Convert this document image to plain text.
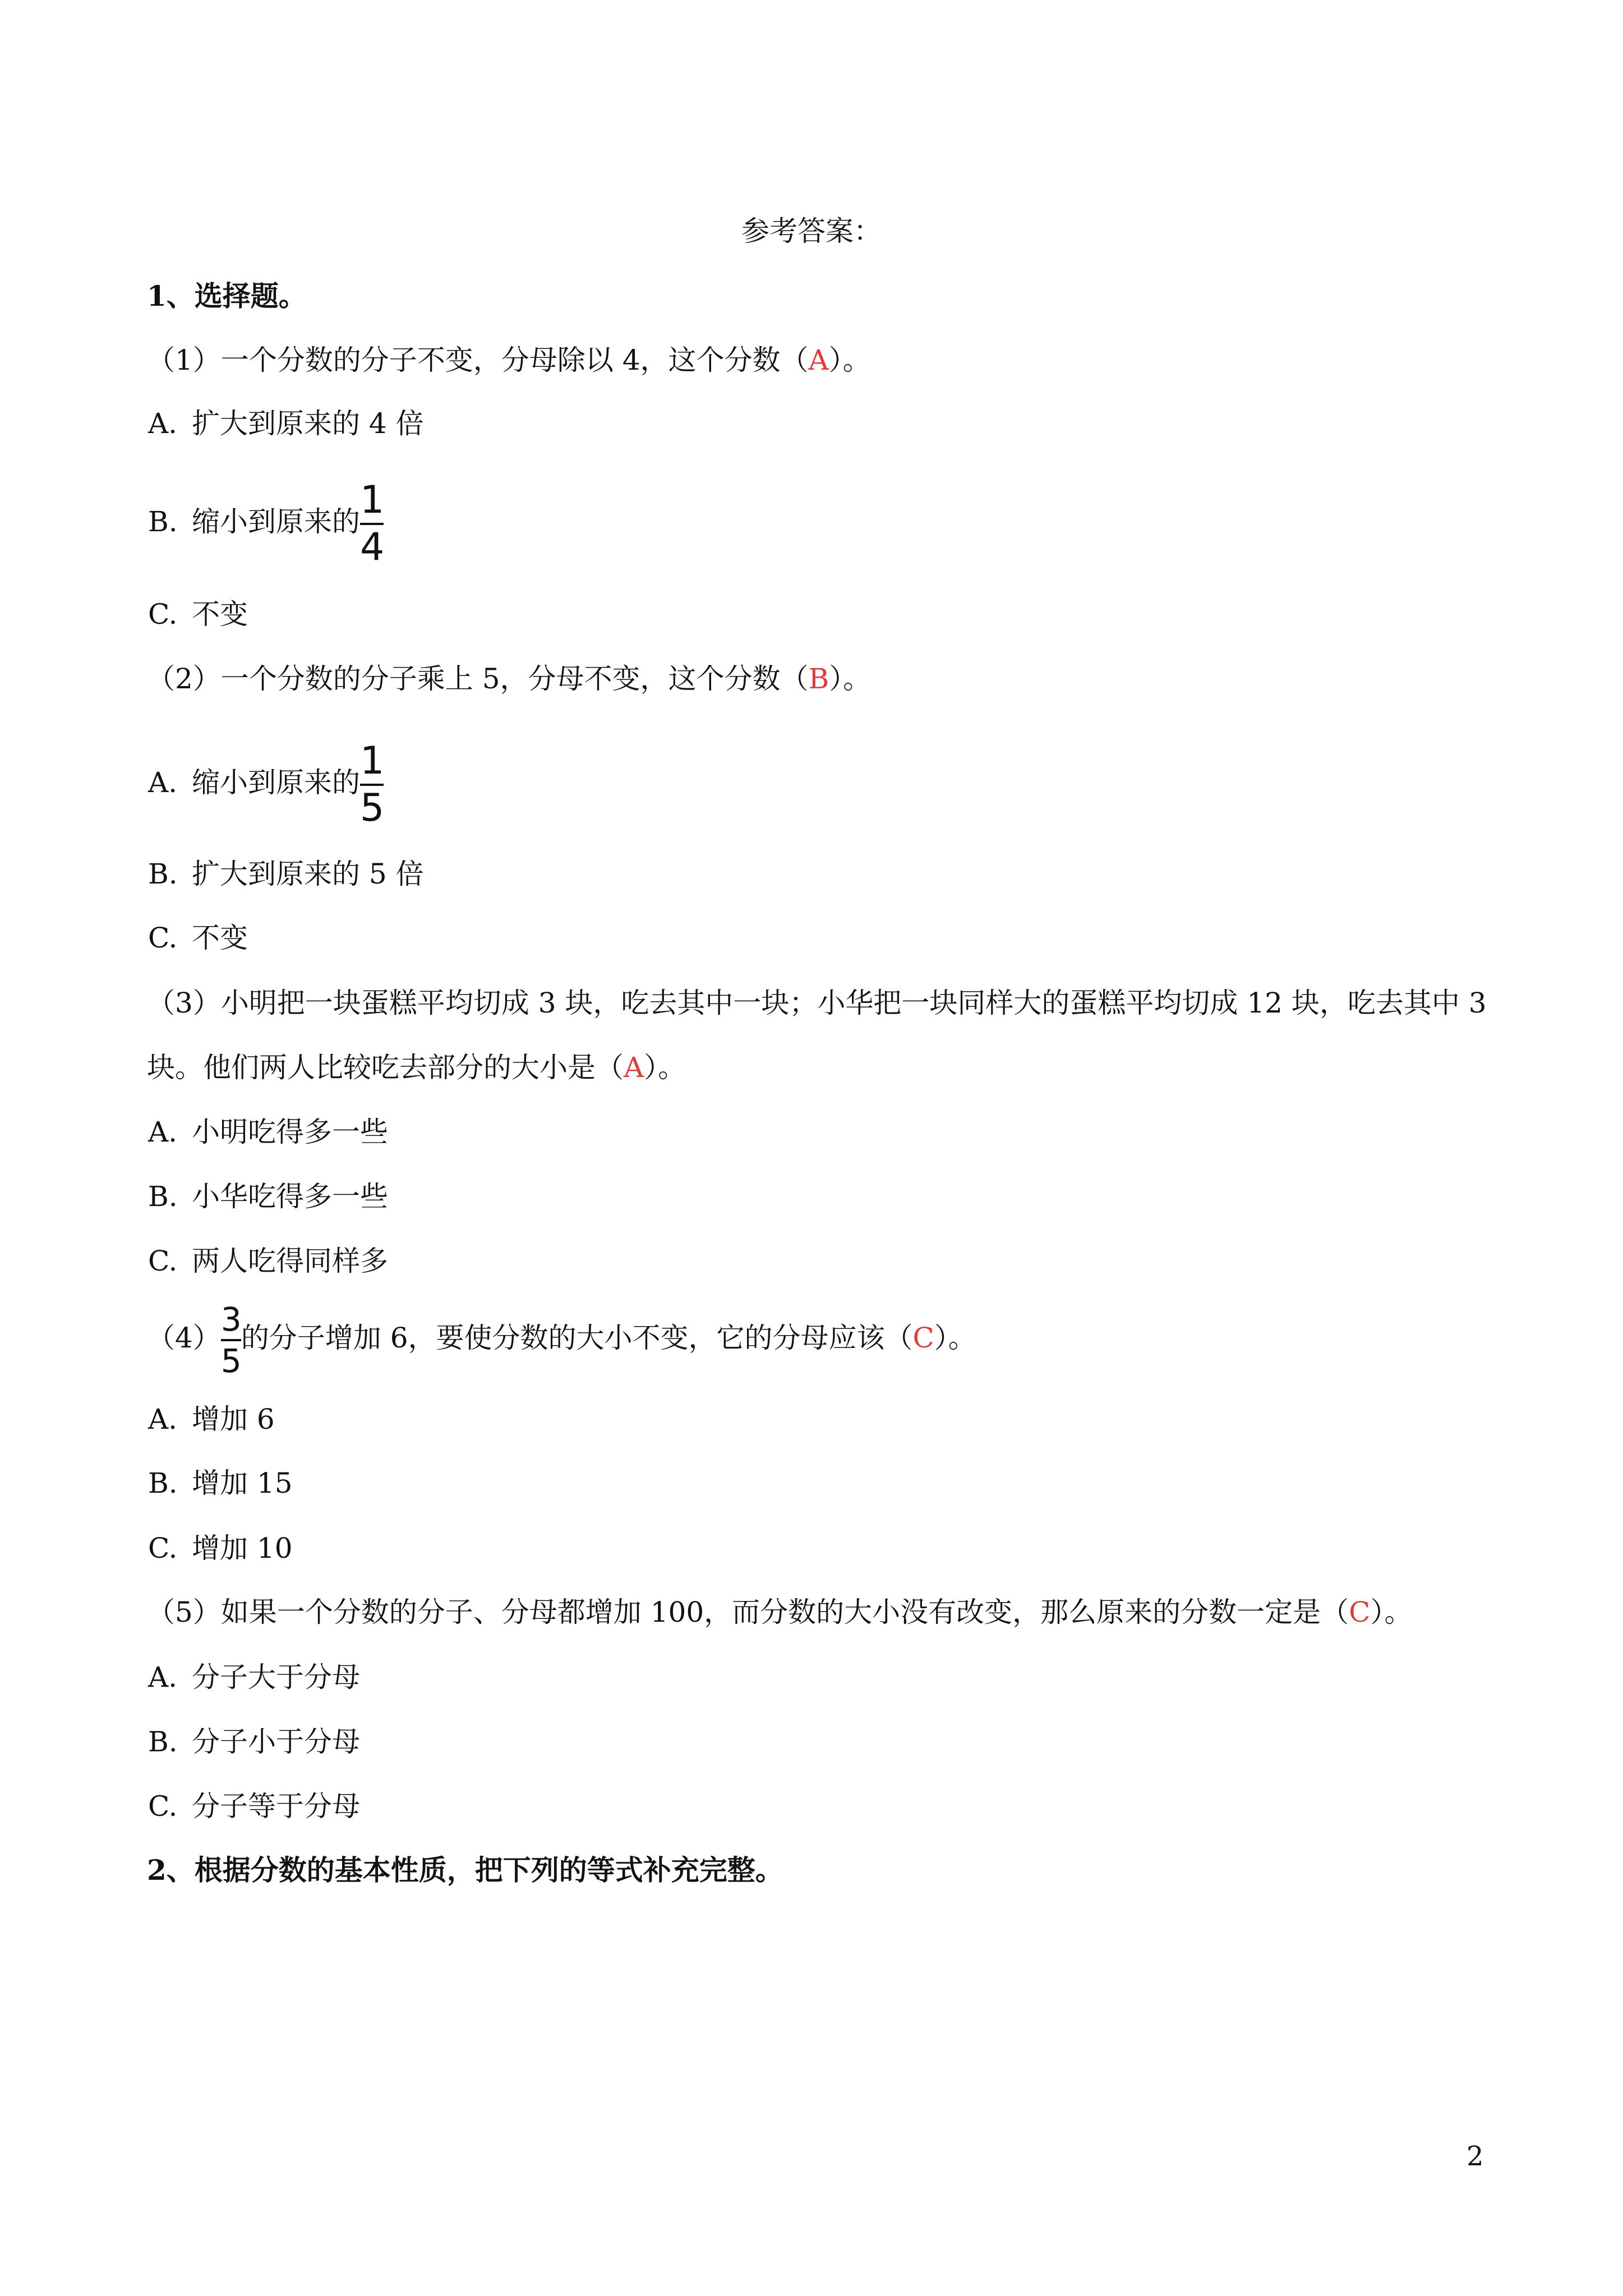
参考答案：
1、选择题。
（1）一个分数的分子不变，分母除以 4，这个分数（A）。
A. 扩大到原来的 4 倍
B. 缩小到原来的 $\frac{1}{4}$
C. 不变
（2）一个分数的分子乘上 5，分母不变，这个分数（B）。
A. 缩小到原来的 $\frac{1}{5}$
B. 扩大到原来的 5 倍
C. 不变
（3）小明把一块蛋糕平均切成 3 块，吃去其中一块；小华把一块同样大的蛋糕平均切成 12 块，吃去其中 3
块。他们两人比较吃去部分的大小是（A）。
A. 小明吃得多一些
B. 小华吃得多一些
C. 两人吃得同样多
$(4) \frac{3}{5}$ 的分子增加 6，要使分数的大小不变，它的分母应该（C）。
A. 增加 6
B. 增加 15
C. 增加 10
（5）如果一个分数的分子、分母都增加 100，而分数的大小没有改变，那么原来的分数一定是（C）。
A. 分子大于分母
B. 分子小于分母
C. 分子等于分母
2、根据分数的基本性质，把下列的等式补充完整。
2
